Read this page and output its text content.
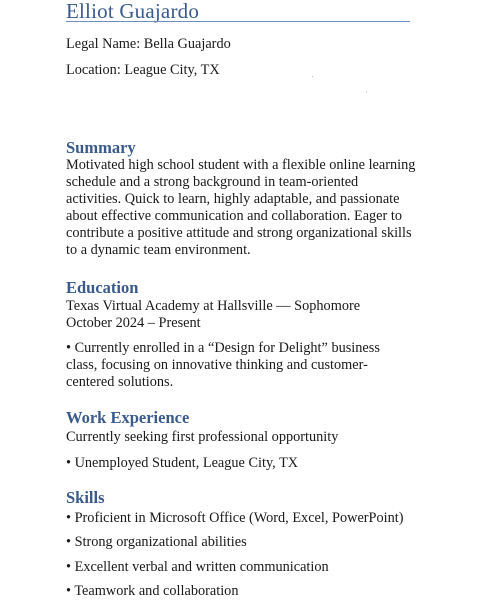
Elliot Guajardo
Legal Name: Bella Guajardo
Location: League City, TX
Summary
Motivated high school student with a flexible online learning schedule and a strong background in team-oriented activities. Quick to learn, highly adaptable, and passionate about effective communication and collaboration. Eager to contribute a positive attitude and strong organizational skills to a dynamic team environment.
Education
Texas Virtual Academy at Hallsville — Sophomore
October 2024 – Present
• Currently enrolled in a “Design for Delight” business class, focusing on innovative thinking and customer-centered solutions.
Work Experience
Currently seeking first professional opportunity
• Unemployed Student, League City, TX
Skills
• Proficient in Microsoft Office (Word, Excel, PowerPoint)
• Strong organizational abilities
• Excellent verbal and written communication
• Teamwork and collaboration
